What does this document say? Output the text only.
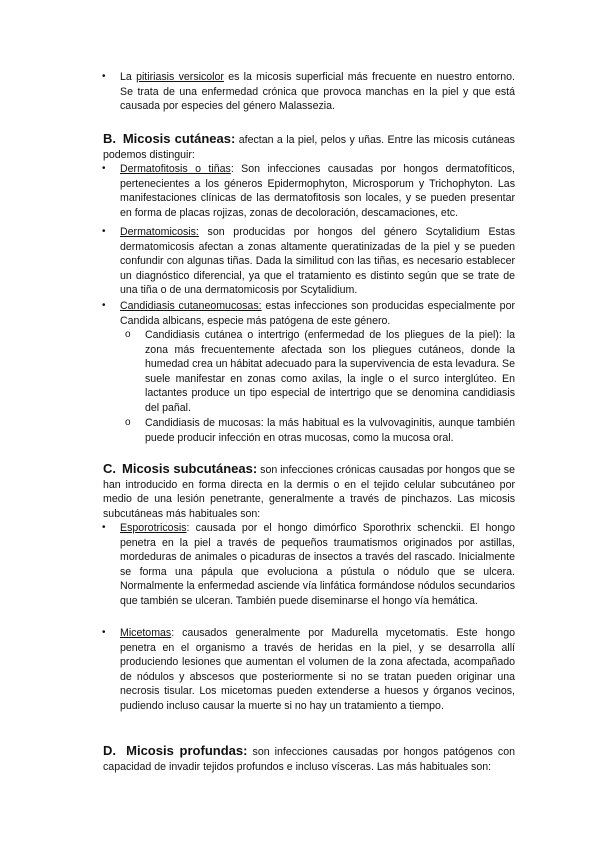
• La pitiriasis versicolor es la micosis superficial más frecuente en nuestro entorno. Se trata de una enfermedad crónica que provoca manchas en la piel y que está causada por especies del género Malassezia.

B. Micosis cutáneas: afectan a la piel, pelos y uñas. Entre las micosis cutáneas podemos distinguir:

• Dermatofitosis o tiñas: Son infecciones causadas por hongos dermatofíticos, pertenecientes a los géneros Epidermophyton, Microsporum y Trichophyton. Las manifestaciones clínicas de las dermatofitosis son locales, y se pueden presentar en forma de placas rojizas, zonas de decoloración, descamaciones, etc.

• Dermatomicosis: son producidas por hongos del género Scytalidium Estas dermatomicosis afectan a zonas altamente queratinizadas de la piel y se pueden confundir con algunas tiñas. Dada la similitud con las tiñas, es necesario establecer un diagnóstico diferencial, ya que el tratamiento es distinto según que se trate de una tiña o de una dermatomicosis por Scytalidium.

• Candidiasis cutaneomucosas: estas infecciones son producidas especialmente por Candida albicans, especie más patógena de este género.

o Candidiasis cutánea o intertrigo (enfermedad de los pliegues de la piel): la zona más frecuentemente afectada son los pliegues cutáneos, donde la humedad crea un hábitat adecuado para la supervivencia de esta levadura. Se suele manifestar en zonas como axilas, la ingle o el surco interglúteo. En lactantes produce un tipo especial de intertrigo que se denomina candidiasis del pañal.

o Candidiasis de mucosas: la más habitual es la vulvovaginitis, aunque también puede producir infección en otras mucosas, como la mucosa oral.

C. Micosis subcutáneas: son infecciones crónicas causadas por hongos que se han introducido en forma directa en la dermis o en el tejido celular subcutáneo por medio de una lesión penetrante, generalmente a través de pinchazos. Las micosis subcutáneas más habituales son:

• Esporotricosis: causada por el hongo dimórfico Sporothrix schenckii. El hongo penetra en la piel a través de pequeños traumatismos originados por astillas, mordeduras de animales o picaduras de insectos a través del rascado. Inicialmente se forma una pápula que evoluciona a pústula o nódulo que se ulcera. Normalmente la enfermedad asciende vía linfática formándose nódulos secundarios que también se ulceran. También puede diseminarse el hongo vía hemática.

• Micetomas: causados generalmente por Madurella mycetomatis. Este hongo penetra en el organismo a través de heridas en la piel, y se desarrolla allí produciendo lesiones que aumentan el volumen de la zona afectada, acompañado de nódulos y abscesos que posteriormente si no se tratan pueden originar una necrosis tisular. Los micetomas pueden extenderse a huesos y órganos vecinos, pudiendo incluso causar la muerte si no hay un tratamiento a tiempo.

D. Micosis profundas: son infecciones causadas por hongos patógenos con capacidad de invadir tejidos profundos e incluso vísceras. Las más habituales son:
